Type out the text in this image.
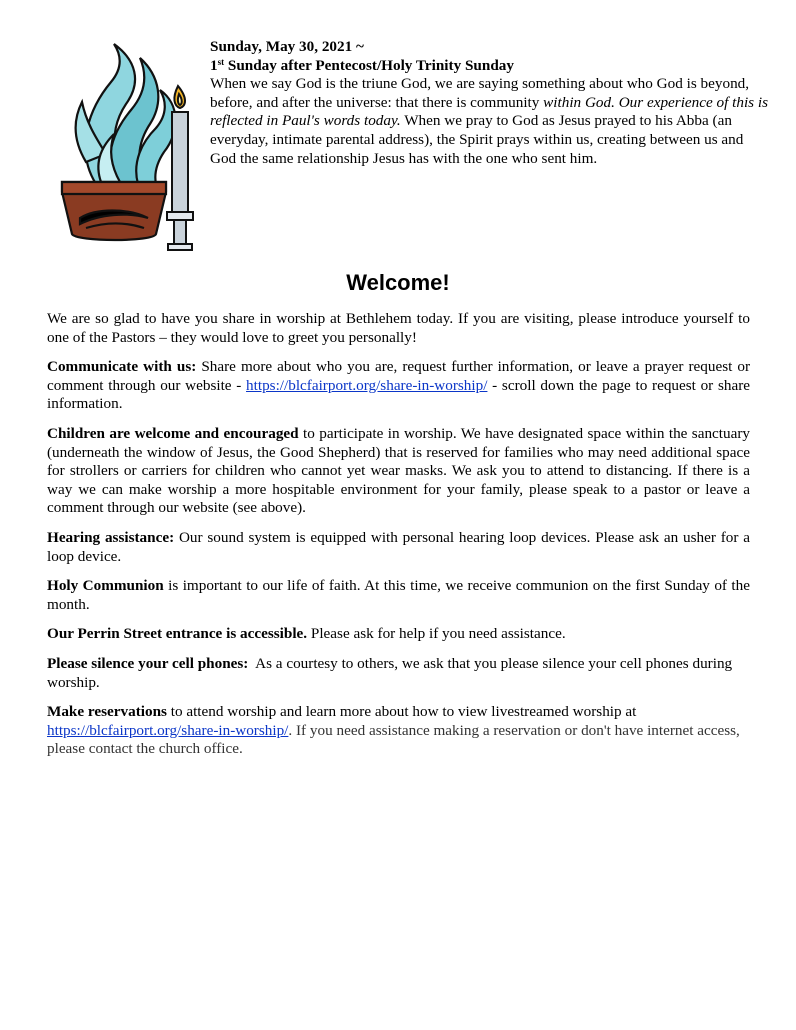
Sunday, May 30, 2021 ~
1st Sunday after Pentecost/Holy Trinity Sunday
When we say God is the triune God, we are saying something about who God is beyond, before, and after the universe: that there is community within God. Our experience of this is reflected in Paul's words today. When we pray to God as Jesus prayed to his Abba (an everyday, intimate parental address), the Spirit prays within us, creating between us and God the same relationship Jesus has with the one who sent him.
Welcome!

We are so glad to have you share in worship at Bethlehem today. If you are visiting, please introduce yourself to one of the Pastors – they would love to greet you personally!

Communicate with us: Share more about who you are, request further information, or leave a prayer request or comment through our website - https://blcfairport.org/share-in-worship/ - scroll down the page to request or share information.

Children are welcome and encouraged to participate in worship. We have designated space within the sanctuary (underneath the window of Jesus, the Good Shepherd) that is reserved for families who may need additional space for strollers or carriers for children who cannot yet wear masks. We ask you to attend to distancing. If there is a way we can make worship a more hospitable environment for your family, please speak to a pastor or leave a comment through our website (see above).

Hearing assistance: Our sound system is equipped with personal hearing loop devices. Please ask an usher for a loop device.

Holy Communion is important to our life of faith. At this time, we receive communion on the first Sunday of the month.

Our Perrin Street entrance is accessible. Please ask for help if you need assistance.

Please silence your cell phones:  As a courtesy to others, we ask that you please silence your cell phones during worship.

Make reservations to attend worship and learn more about how to view livestreamed worship at https://blcfairport.org/share-in-worship/. If you need assistance making a reservation or don't have internet access, please contact the church office.
